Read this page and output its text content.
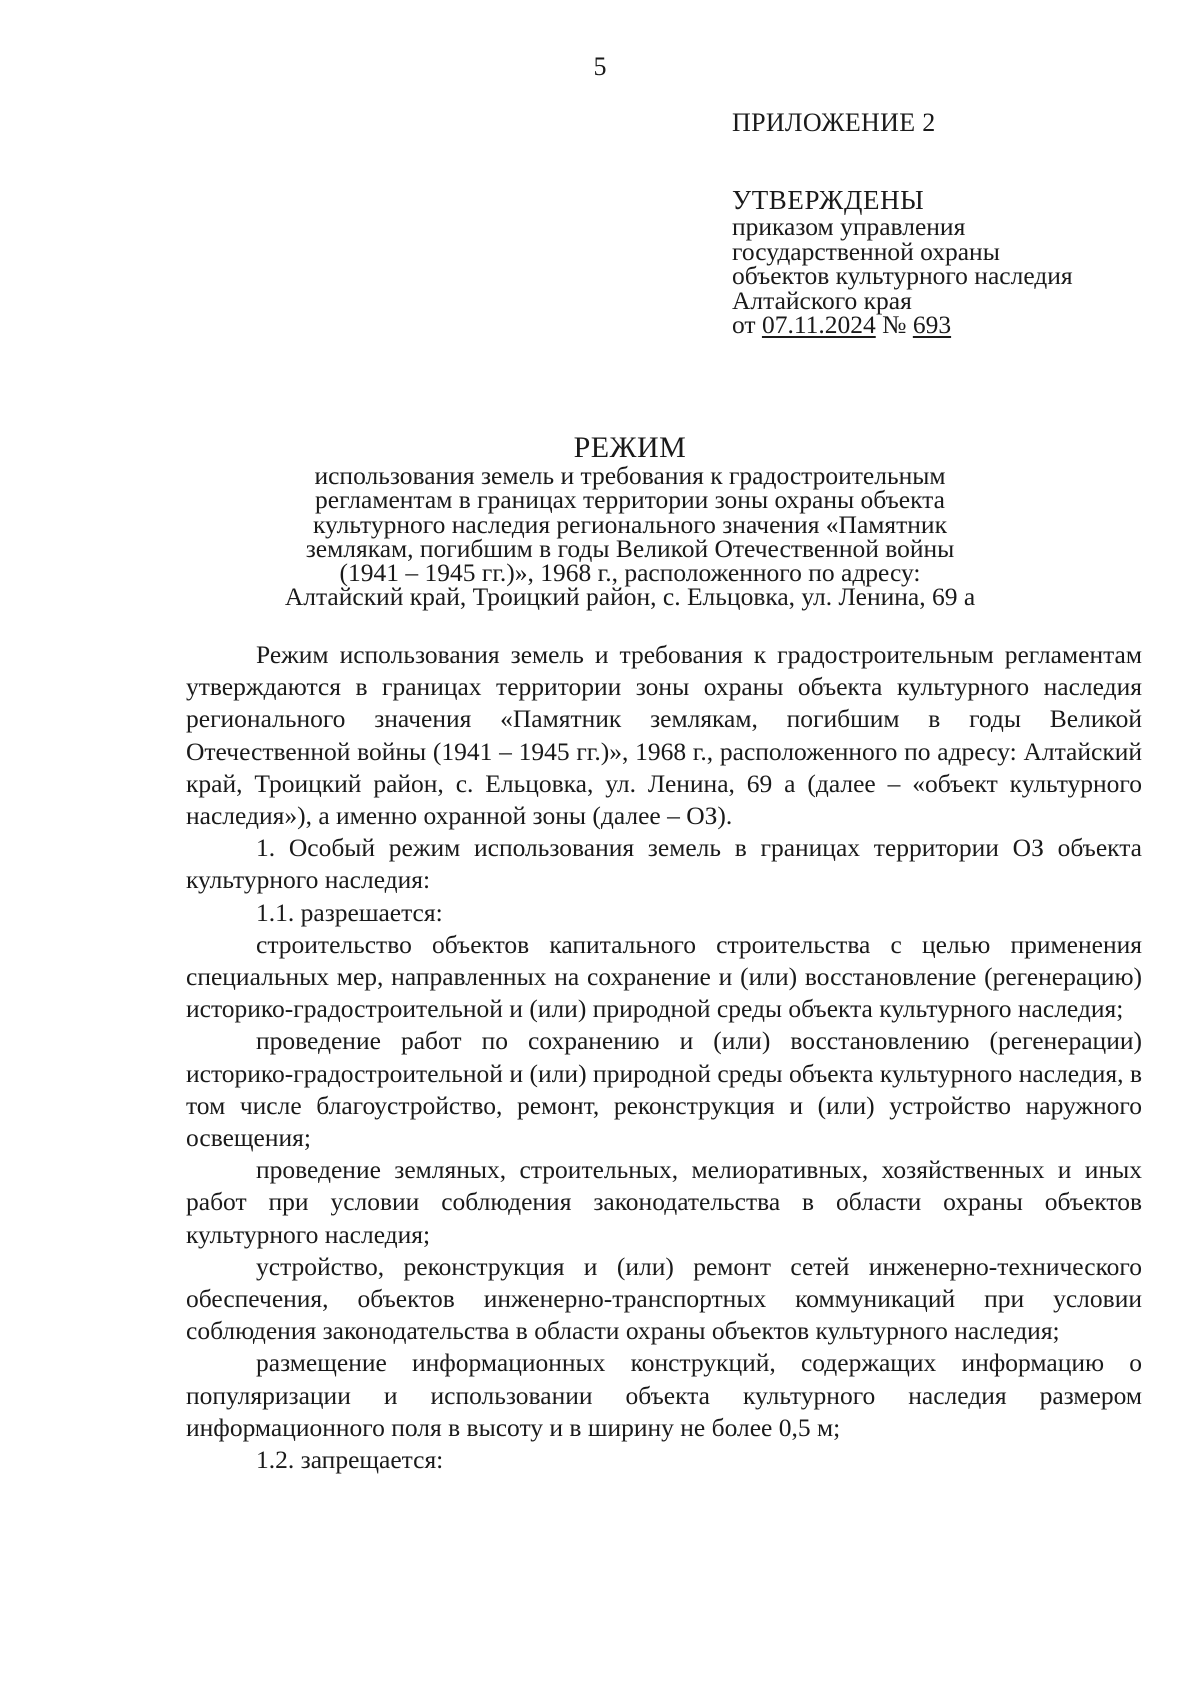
5
ПРИЛОЖЕНИЕ 2
УТВЕРЖДЕНЫ
приказом управления
государственной охраны
объектов культурного наследия
Алтайского края
от 07.11.2024 № 693
РЕЖИМ
использования земель и требования к градостроительным
регламентам в границах территории зоны охраны объекта
культурного наследия регионального значения «Памятник
землякам, погибшим в годы Великой Отечественной войны
(1941 – 1945 гг.)», 1968 г., расположенного по адресу:
Алтайский край, Троицкий район, с. Ельцовка, ул. Ленина, 69 а

Режим использования земель и требования к градостроительным регламентам утверждаются в границах территории зоны охраны объекта культурного наследия регионального значения «Памятник землякам, погибшим в годы Великой Отечественной войны (1941 – 1945 гг.)», 1968 г., расположенного по адресу: Алтайский край, Троицкий район, с. Ельцовка, ул. Ленина, 69 а (далее – «объект культурного наследия»), а именно охранной зоны (далее – ОЗ).

1. Особый режим использования земель в границах территории ОЗ объекта культурного наследия:

1.1. разрешается:

строительство объектов капитального строительства с целью применения специальных мер, направленных на сохранение и (или) восстановление (регенерацию) историко-градостроительной и (или) природной среды объекта культурного наследия;

проведение работ по сохранению и (или) восстановлению (регенерации) историко-градостроительной и (или) природной среды объекта культурного наследия, в том числе благоустройство, ремонт, реконструкция и (или) устройство наружного освещения;

проведение земляных, строительных, мелиоративных, хозяйственных и иных работ при условии соблюдения законодательства в области охраны объектов культурного наследия;

устройство, реконструкция и (или) ремонт сетей инженерно-технического обеспечения, объектов инженерно-транспортных коммуникаций при условии соблюдения законодательства в области охраны объектов культурного наследия;

размещение информационных конструкций, содержащих информацию о популяризации и использовании объекта культурного наследия размером информационного поля в высоту и в ширину не более 0,5 м;

1.2. запрещается:
